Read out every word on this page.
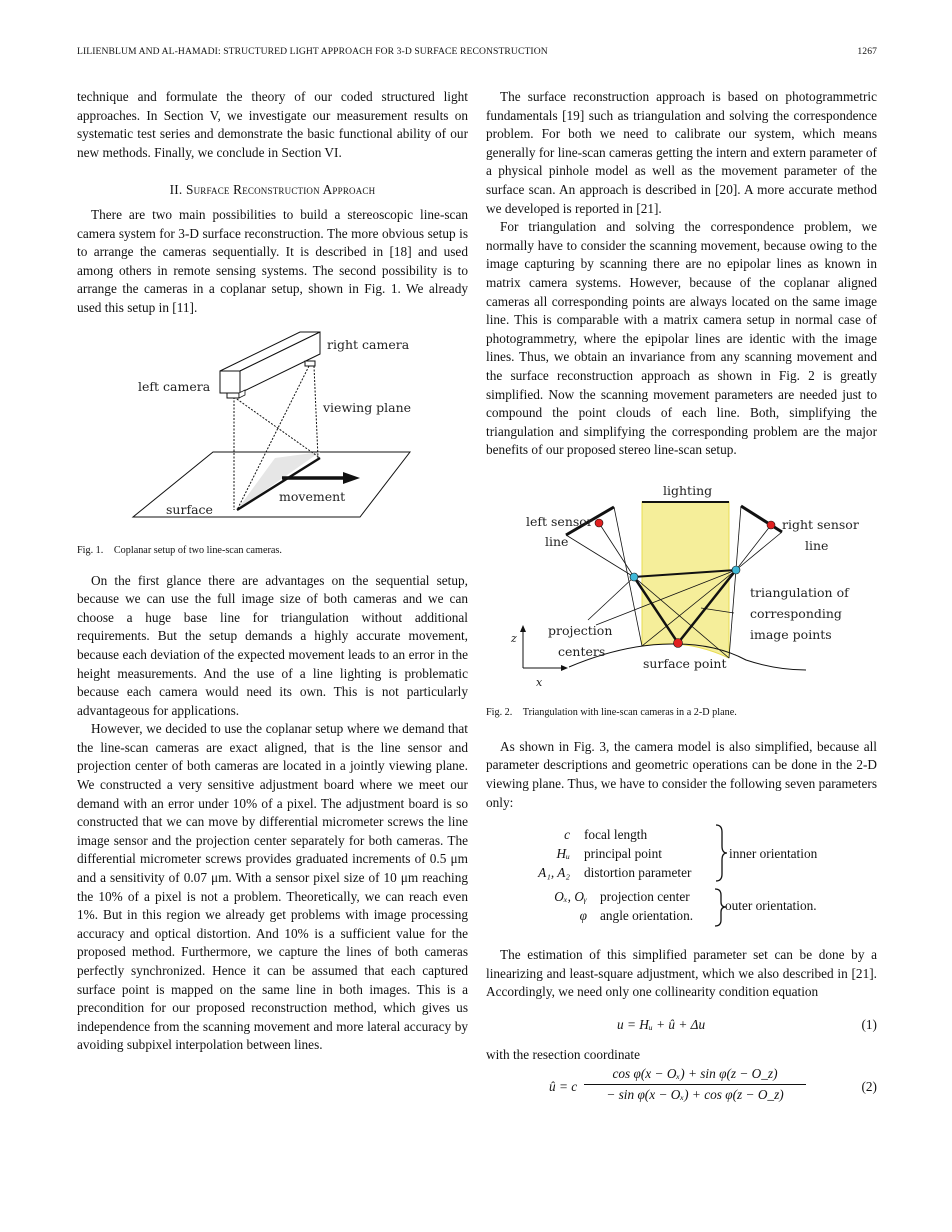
LILIENBLUM AND AL-HAMADI: STRUCTURED LIGHT APPROACH FOR 3-D SURFACE RECONSTRUCTION	1267

technique and formulate the theory of our coded structured light approaches. In Section V, we investigate our measurement results on systematic test series and demonstrate the basic functional ability of our new methods. Finally, we conclude in Section VI.

II. Surface Reconstruction Approach

There are two main possibilities to build a stereoscopic line-scan camera system for 3-D surface reconstruction. The more obvious setup is to arrange the cameras sequentially. It is described in [18] and used among others in remote sensing systems. The second possibility is to arrange the cameras in a coplanar setup, shown in Fig. 1. We already used this setup in [11].

right camera
left camera
viewing plane
movement
surface

Fig. 1. Coplanar setup of two line-scan cameras.

On the first glance there are advantages on the sequential setup, because we can use the full image size of both cameras and we can choose a huge base line for triangulation without additional requirements. But the setup demands a highly accurate movement, because each deviation of the expected movement leads to an error in the height measurements. And the use of a line lighting is problematic because each camera would need its own. This is not particularly advantageous for applications.

However, we decided to use the coplanar setup where we demand that the line-scan cameras are exact aligned, that is the line sensor and projection center of both cameras are located in a jointly viewing plane. We constructed a very sensitive adjustment board where we meet our demand with an error under 10% of a pixel. The adjustment board is so constructed that we can move by differential micrometer screws the line image sensor and the projection center separately for both cameras. The differential micrometer screws provides graduated increments of 0.5 μm and a sensitivity of 0.07 μm. With a sensor pixel size of 10 μm reaching the 10% of a pixel is not a problem. Theoretically, we can reach even 1%. But in this region we already get problems with image processing accuracy and optical distortion. And 10% is a sufficient value for the proposed method. Furthermore, we capture the lines of both cameras perfectly synchronized. Hence it can be assumed that each captured surface point is mapped on the same line in both images. This is a precondition for our proposed reconstruction method, which gives us independence from the scanning movement and more lateral accuracy by avoiding subpixel interpolation between lines.

The surface reconstruction approach is based on photogrammetric fundamentals [19] such as triangulation and solving the correspondence problem. For both we need to calibrate our system, which means generally for line-scan cameras getting the intern and extern parameter of a physical pinhole model as well as the movement parameter of the surface scan. An approach is described in [20]. A more accurate method we developed is reported in [21].

For triangulation and solving the correspondence problem, we normally have to consider the scanning movement, because owing to the image capturing by scanning there are no epipolar lines as known in matrix camera systems. However, because of the coplanar aligned cameras all corresponding points are always located on the same image line. This is comparable with a matrix camera setup in normal case of photogrammetry, where the epipolar lines are identic with the image lines. Thus, we obtain an invariance from any scanning movement and the surface reconstruction approach as shown in Fig. 2 is greatly simplified. Now the scanning movement parameters are needed just to compound the point clouds of each line. Both, simplifying the triangulation and simplifying the corresponding problem are the major benefits of our proposed stereo line-scan setup.

lighting
left sensor
line
right sensor
line
triangulation of
corresponding
image points
projection
centers
surface point
z
x

Fig. 2. Triangulation with line-scan cameras in a 2-D plane.

As shown in Fig. 3, the camera model is also simplified, because all parameter descriptions and geometric operations can be done in the 2-D viewing plane. Thus, we have to consider the following seven parameters only:

c focal length
Hᵤ principal point
A₁, A₂ distortion parameter
inner orientation
Oₓ, Oᵧ projection center
φ angle orientation.
outer orientation.

The estimation of this simplified parameter set can be done by a linearizing and least-square adjustment, which we also described in [21]. Accordingly, we need only one collinearity condition equation

u = Hᵤ + û + Δu	(1)

with the resection coordinate

û = c
cos φ(x − Oₓ) + sin φ(z − O_z)
− sin φ(x − Oₓ) + cos φ(z − O_z)
(2)
